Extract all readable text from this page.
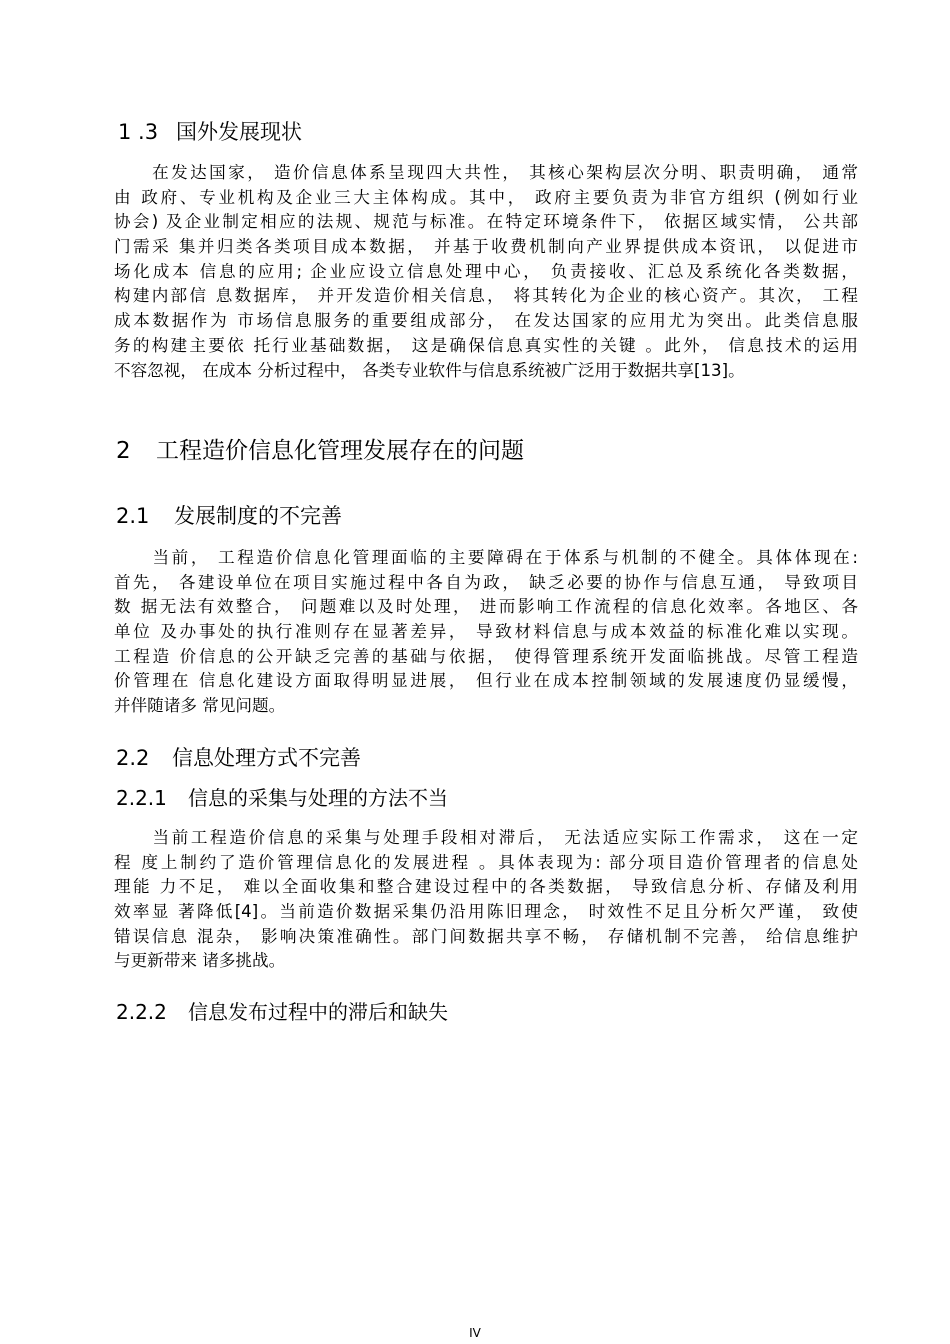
1 .3 国外发展现状
　　在发达国家， 造价信息体系呈现四大共性， 其核心架构层次分明、职责明确， 通常
由 政府、专业机构及企业三大主体构成。其中， 政府主要负责为非官方组织 (例如行业
协会) 及企业制定相应的法规、规范与标准。在特定环境条件下， 依据区域实情， 公共部
门需采 集并归类各类项目成本数据， 并基于收费机制向产业界提供成本资讯， 以促进市
场化成本 信息的应用; 企业应设立信息处理中心， 负责接收、汇总及系统化各类数据，
构建内部信 息数据库， 并开发造价相关信息， 将其转化为企业的核心资产。其次， 工程
成本数据作为 市场信息服务的重要组成部分， 在发达国家的应用尤为突出。此类信息服
务的构建主要依 托行业基础数据， 这是确保信息真实性的关键 。此外， 信息技术的运用
不容忽视， 在成本 分析过程中， 各类专业软件与信息系统被广泛用于数据共享[13]。
2 工程造价信息化管理发展存在的问题
2.1 发展制度的不完善
　　当前， 工程造价信息化管理面临的主要障碍在于体系与机制的不健全。具体体现在:
首先， 各建设单位在项目实施过程中各自为政， 缺乏必要的协作与信息互通， 导致项目
数 据无法有效整合， 问题难以及时处理， 进而影响工作流程的信息化效率。各地区、各
单位 及办事处的执行准则存在显著差异， 导致材料信息与成本效益的标准化难以实现。
工程造 价信息的公开缺乏完善的基础与依据， 使得管理系统开发面临挑战。尽管工程造
价管理在 信息化建设方面取得明显进展， 但行业在成本控制领域的发展速度仍显缓慢，
并伴随诸多 常见问题。
2.2 信息处理方式不完善
2.2.1 信息的采集与处理的方法不当
　　当前工程造价信息的采集与处理手段相对滞后， 无法适应实际工作需求， 这在一定
程 度上制约了造价管理信息化的发展进程 。具体表现为: 部分项目造价管理者的信息处
理能 力不足， 难以全面收集和整合建设过程中的各类数据， 导致信息分析、存储及利用
效率显 著降低[4]。当前造价数据采集仍沿用陈旧理念， 时效性不足且分析欠严谨， 致使
错误信息 混杂， 影响决策准确性。部门间数据共享不畅， 存储机制不完善， 给信息维护
与更新带来 诸多挑战。
2.2.2 信息发布过程中的滞后和缺失
IV
